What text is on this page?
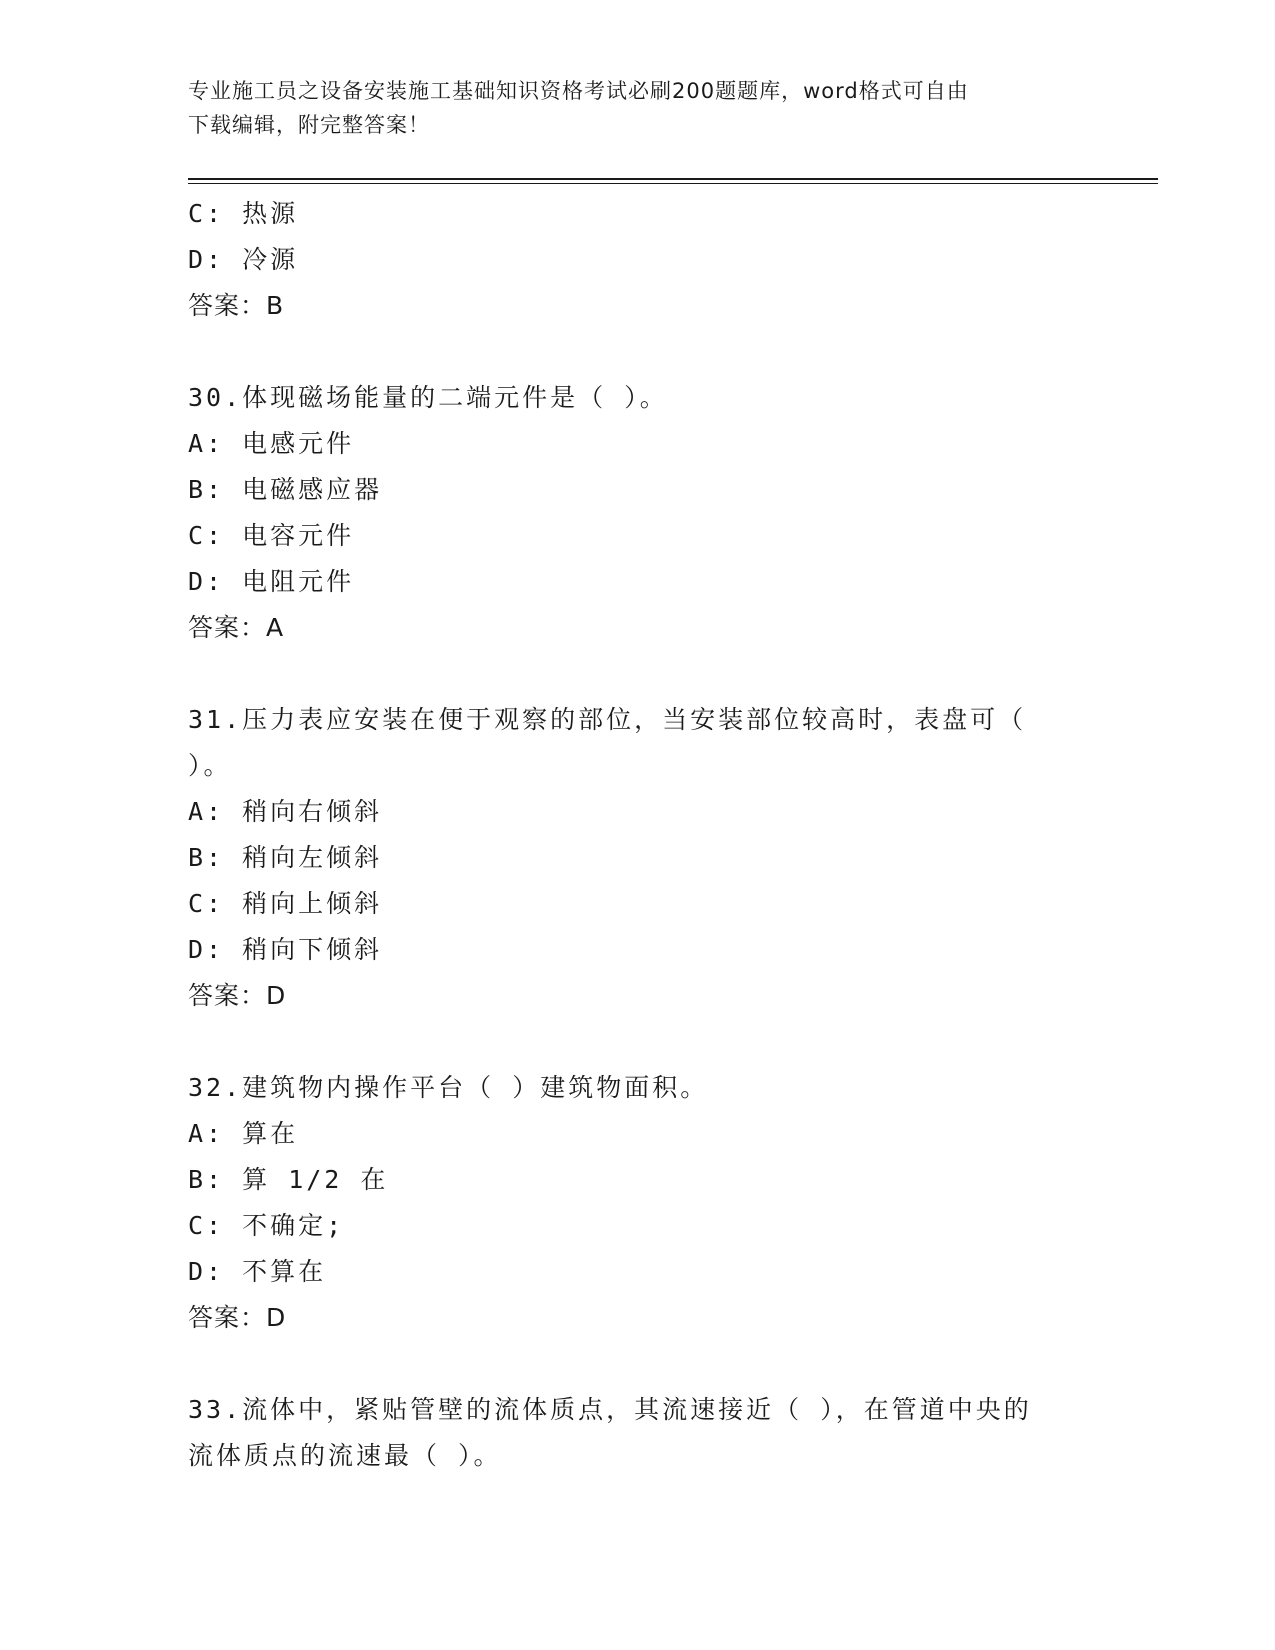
专业施工员之设备安装施工基础知识资格考试必刷200题题库，word格式可自由
下载编辑，附完整答案！
C: 热源
D: 冷源
答案：B
30.体现磁场能量的二端元件是（ ）。
A: 电感元件
B: 电磁感应器
C: 电容元件
D: 电阻元件
答案：A
31.压力表应安装在便于观察的部位，当安装部位较高时，表盘可（
）。
A: 稍向右倾斜
B: 稍向左倾斜
C: 稍向上倾斜
D: 稍向下倾斜
答案：D
32.建筑物内操作平台（ ）建筑物面积。
A: 算在
B: 算 1/2 在
C: 不确定;
D: 不算在
答案：D
33.流体中，紧贴管壁的流体质点，其流速接近（ ），在管道中央的
流体质点的流速最（ ）。
